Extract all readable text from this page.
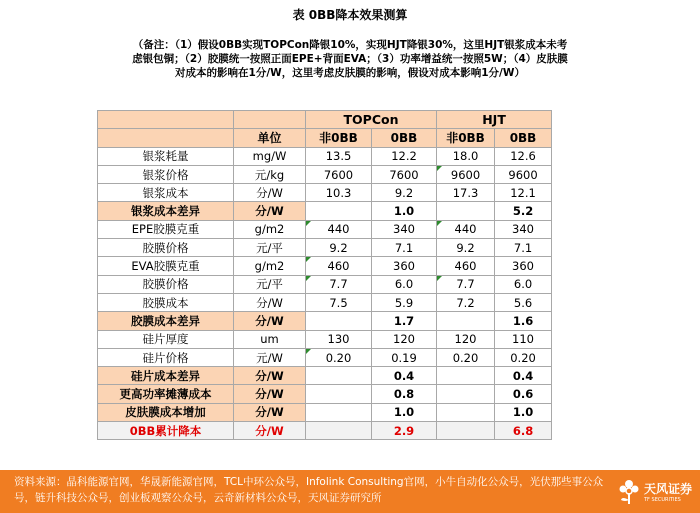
表 0BB降本效果测算
（备注：（1）假设0BB实现TOPCon降银10%，实现HJT降银30%，这里HJT银浆成本未考虑银包铜；（2）胶膜统一按照正面EPE+背面EVA；（3）功率增益统一按照5W；（4）皮肤膜对成本的影响在1分/W，这里考虑皮肤膜的影响，假设对成本影响1分/W）
		TOPCon		HJT	
	单位	非0BB	0BB	非0BB	0BB
银浆耗量	mg/W	13.5	12.2	18.0	12.6
银浆价格	元/kg	7600	7600	9600	9600
银浆成本	分/W	10.3	9.2	17.3	12.1
银浆成本差异	分/W		1.0		5.2
EPE胶膜克重	g/m2	440	340	440	340
胶膜价格	元/平	9.2	7.1	9.2	7.1
EVA胶膜克重	g/m2	460	360	460	360
胶膜价格	元/平	7.7	6.0	7.7	6.0
胶膜成本	分/W	7.5	5.9	7.2	5.6
胶膜成本差异	分/W		1.7		1.6
硅片厚度	um	130	120	120	110
硅片价格	元/W	0.20	0.19	0.20	0.20
硅片成本差异	分/W		0.4		0.4
更高功率摊薄成本	分/W		0.8		0.6
皮肤膜成本增加	分/W		1.0		1.0
0BB累计降本	分/W		2.9		6.8
资料来源：晶科能源官网，华晟新能源官网，TCL中环公众号，Infolink Consulting官网，小牛自动化公众号，光伏那些事公众号，链升科技公众号，创业板观察公众号，云奇新材料公众号，天风证券研究所
天风证券
TF SECURITIES
